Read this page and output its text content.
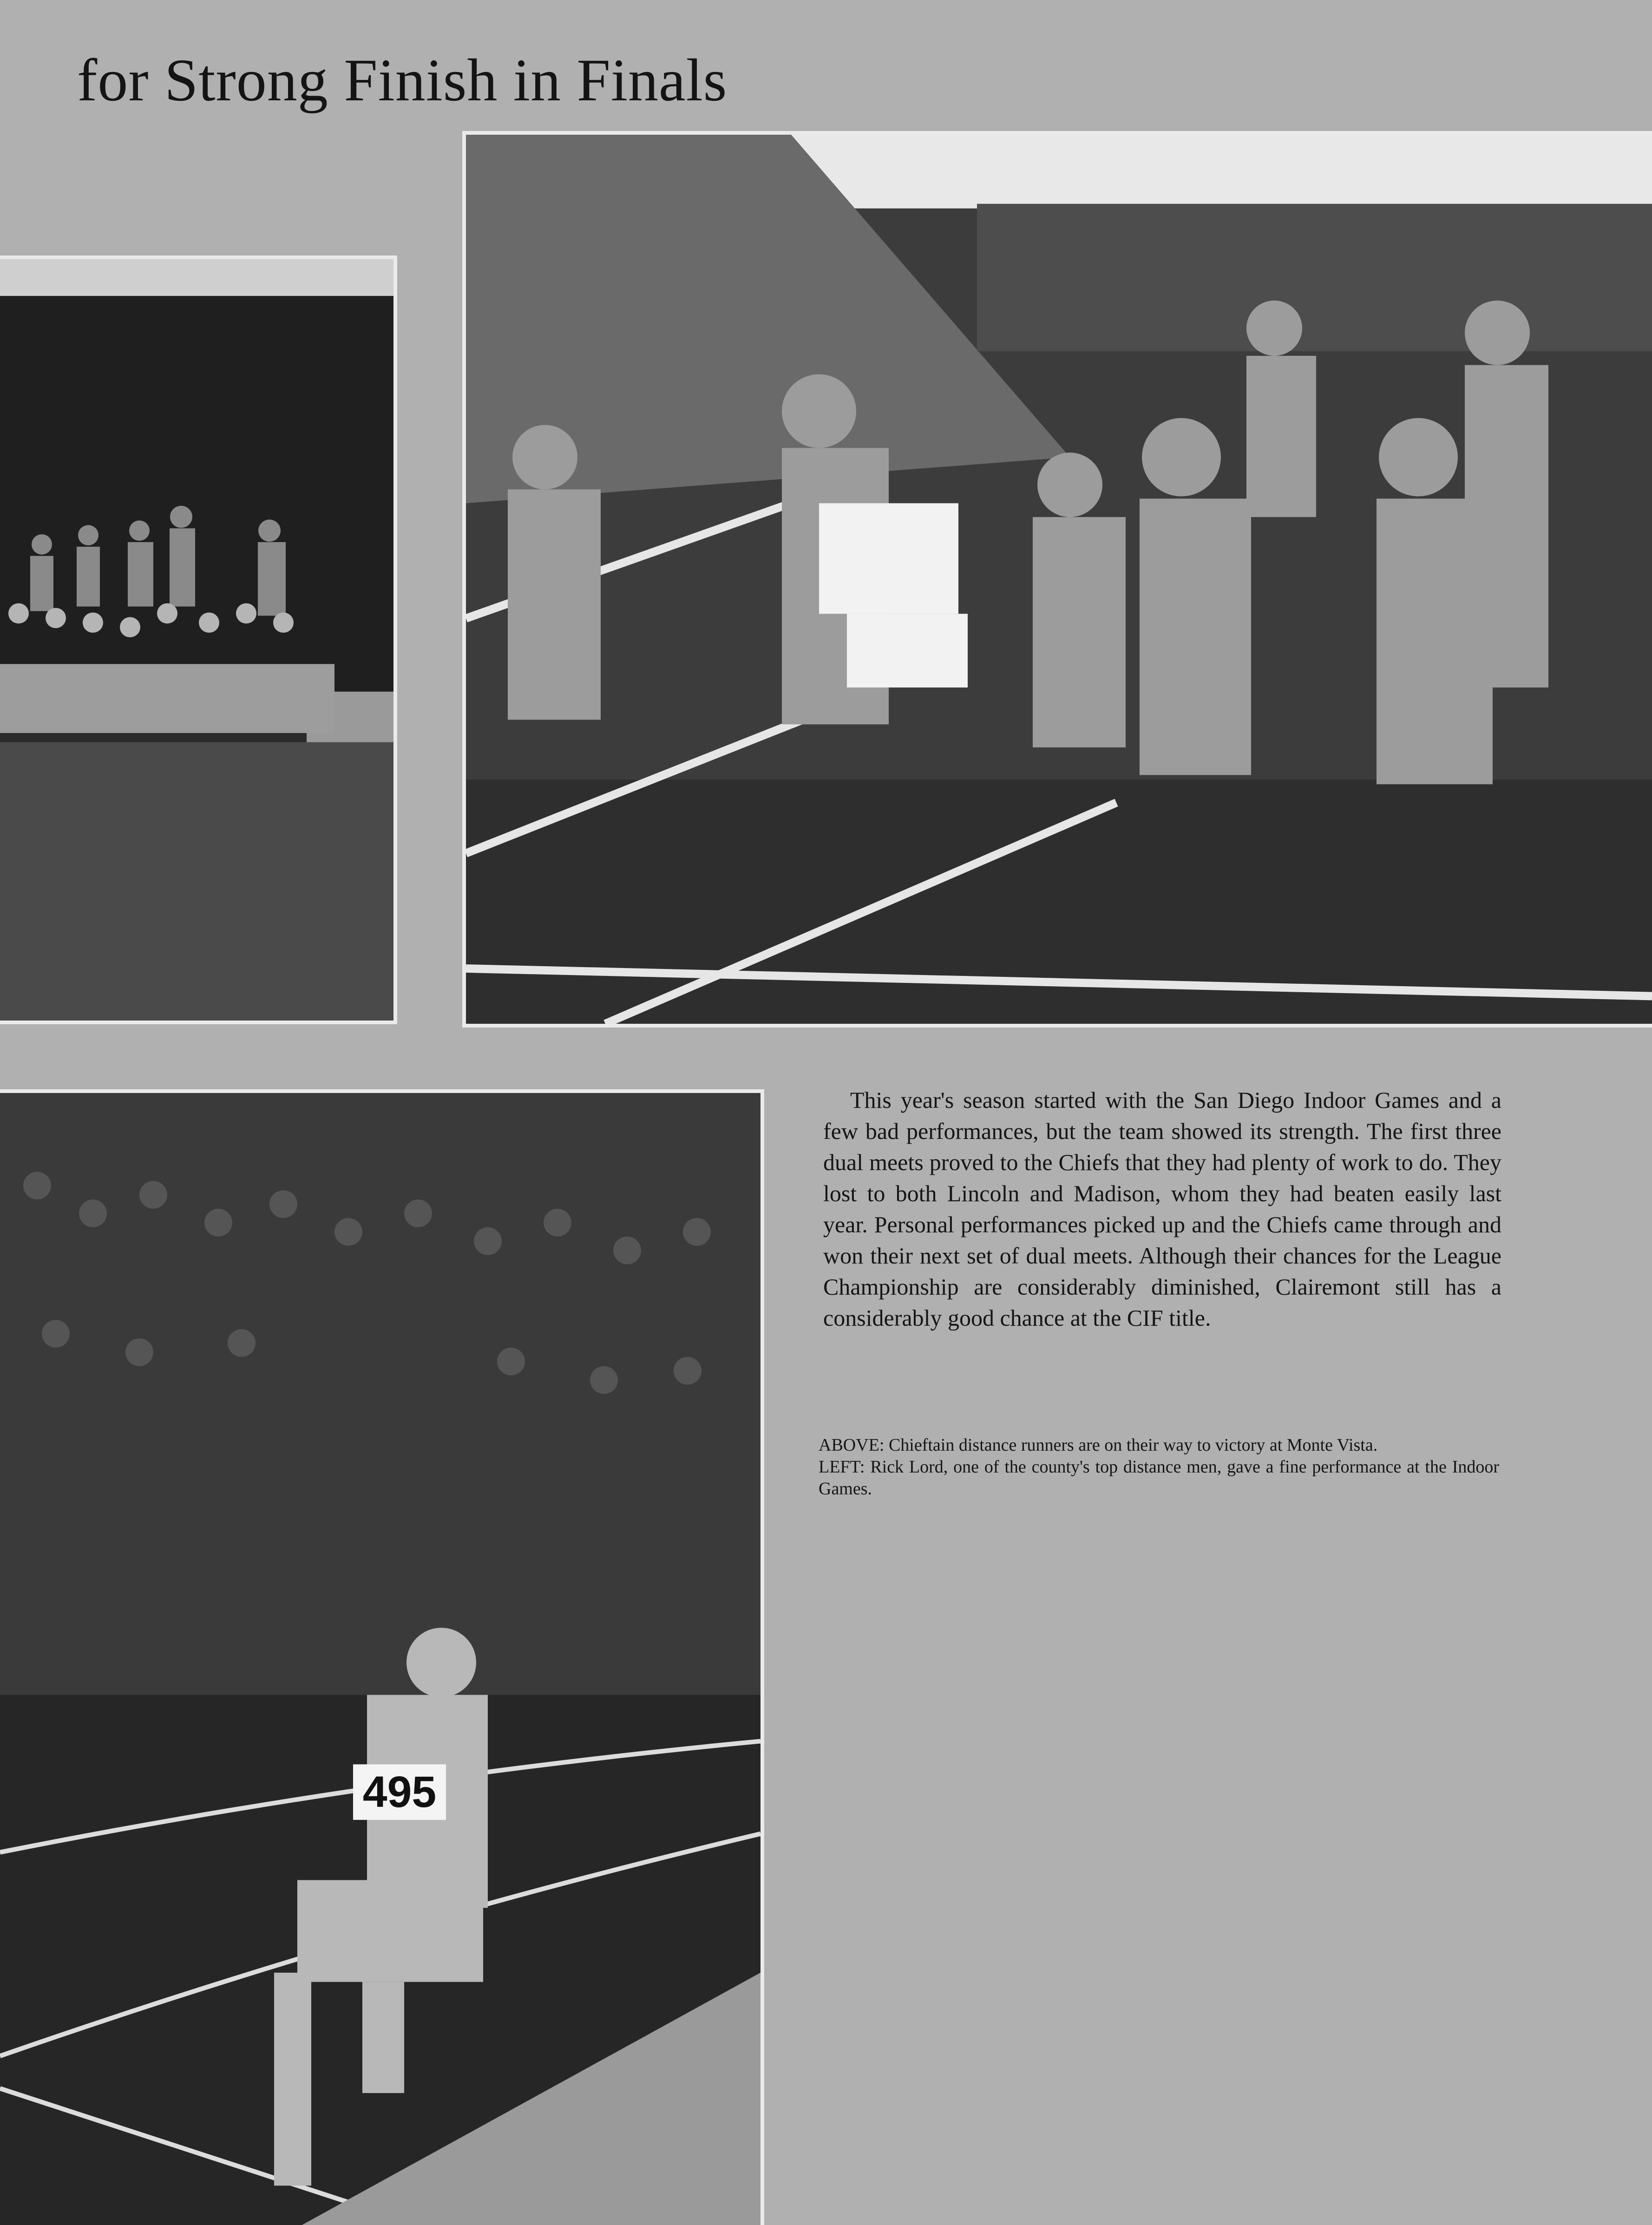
for Strong Finish in Finals
495

This year's season started with the San Diego Indoor Games and a few bad performances, but the team showed its strength. The first three dual meets proved to the Chiefs that they had plenty of work to do. They lost to both Lincoln and Madison, whom they had beaten easily last year. Personal performances picked up and the Chiefs came through and won their next set of dual meets. Although their chances for the League Championship are considerably diminished, Clairemont still has a considerably good chance at the CIF title.

ABOVE: Chieftain distance runners are on their way to victory at Monte Vista.

LEFT: Rick Lord, one of the county's top distance men, gave a fine performance at the Indoor Games.
